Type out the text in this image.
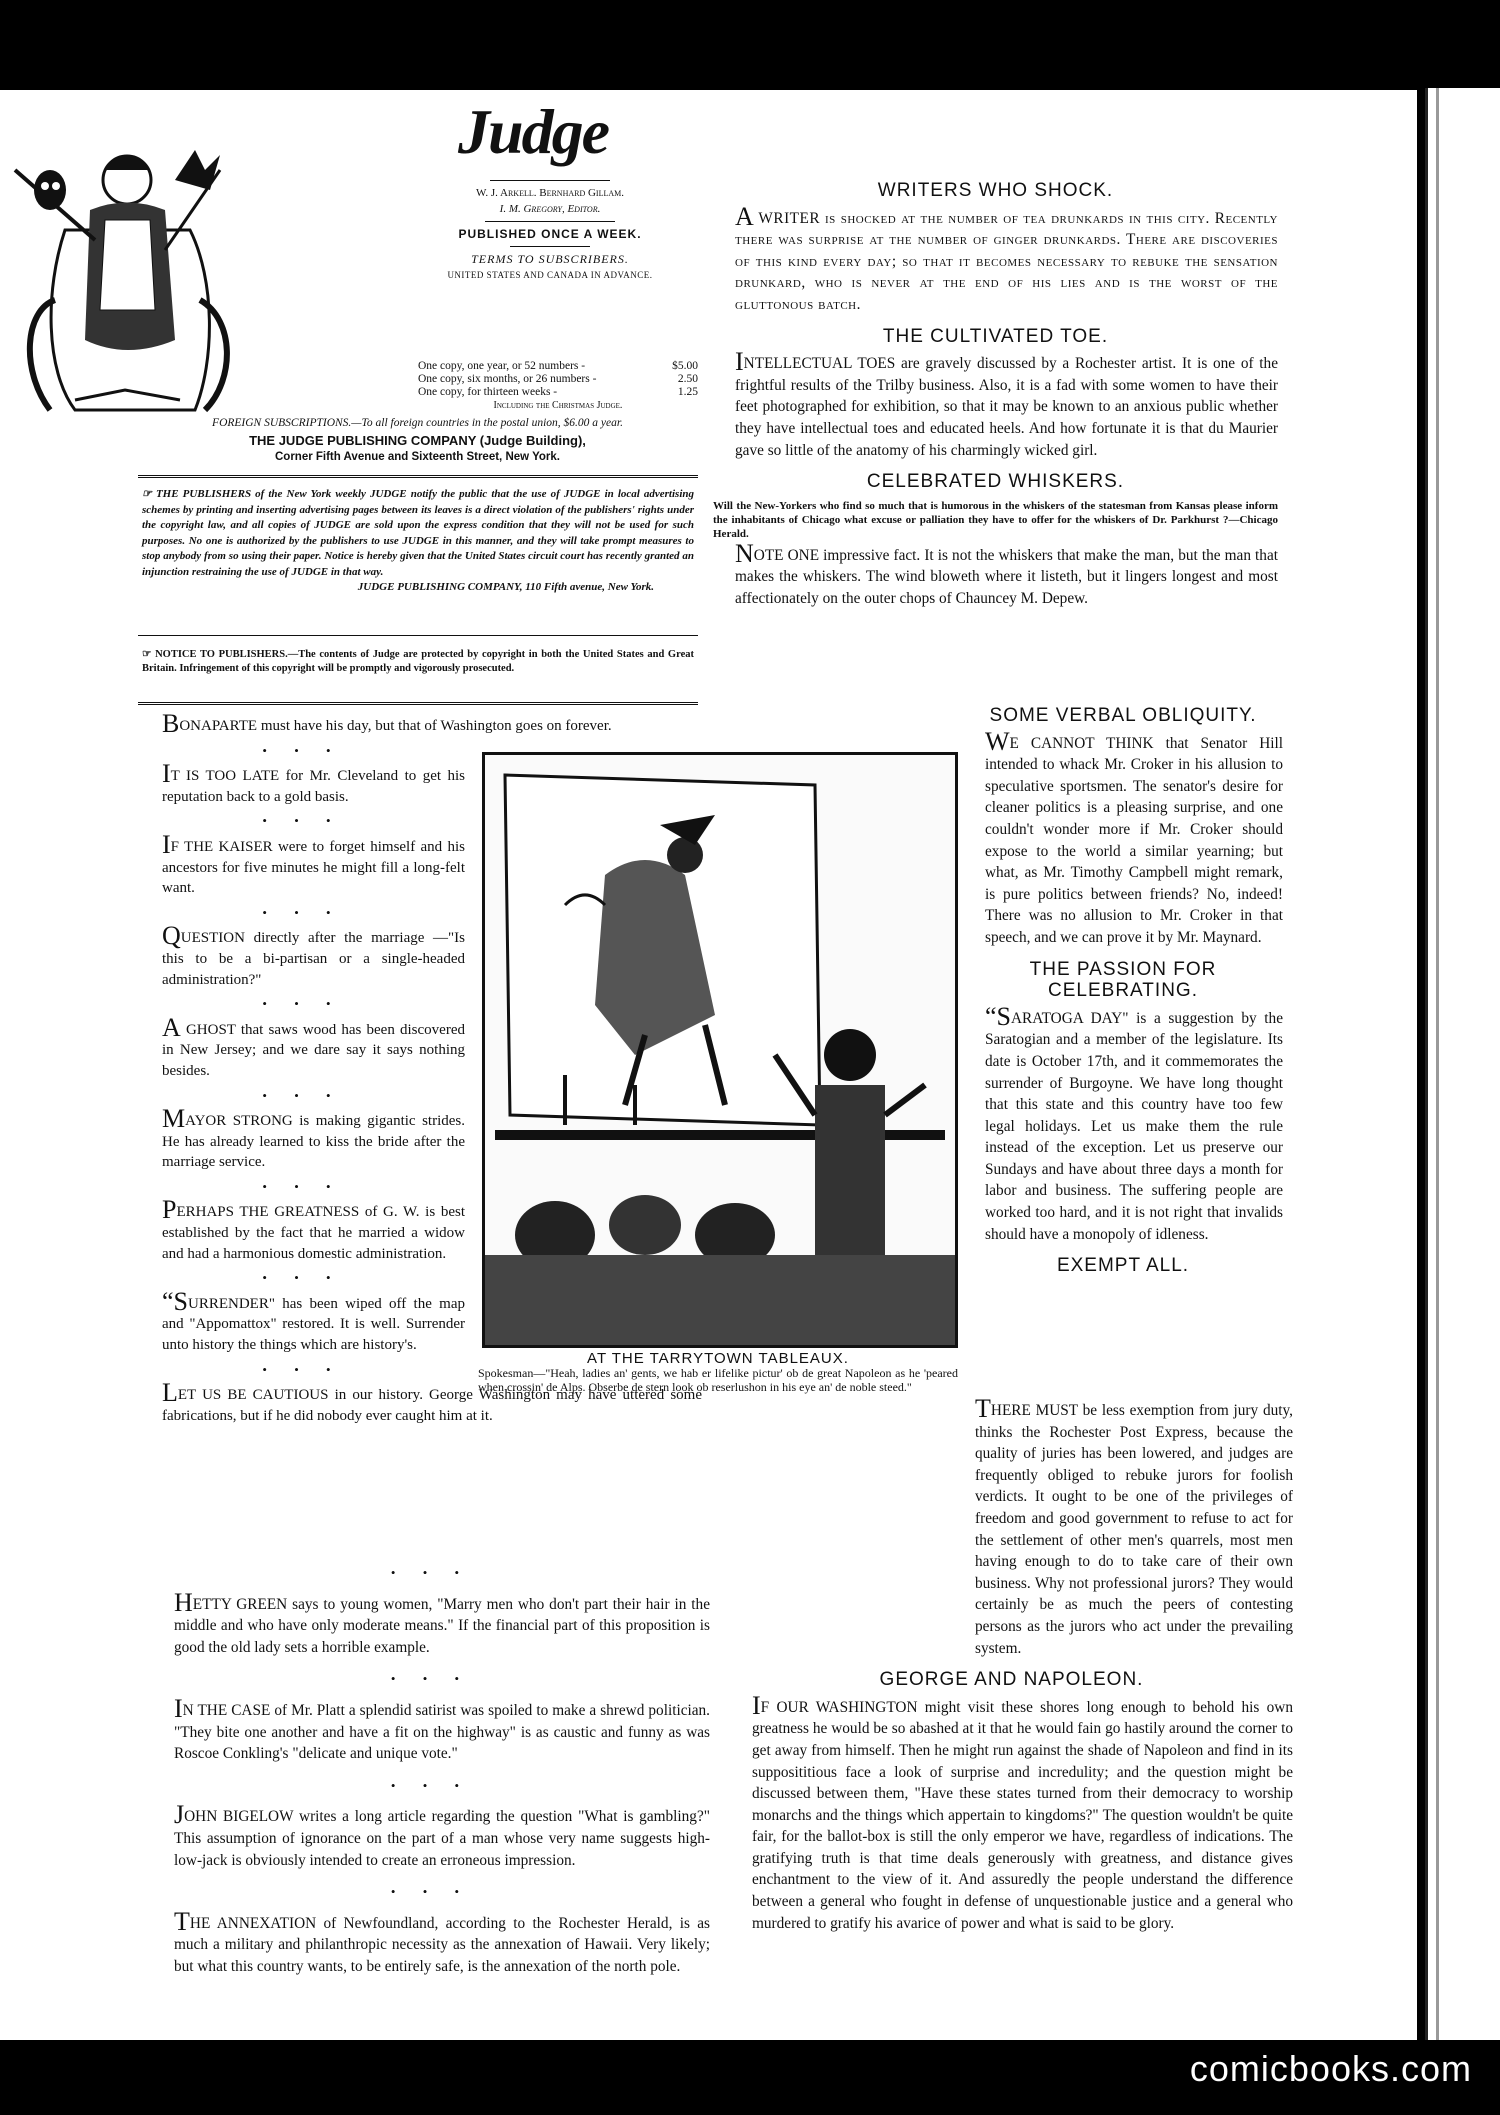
Judge
W. J. Arkell. Bernhard Gillam.
I. M. Gregory, Editor.
PUBLISHED ONCE A WEEK.
TERMS TO SUBSCRIBERS.
UNITED STATES AND CANADA IN ADVANCE.
One copy, one year, or 52 numbers -	$5.00
One copy, six months, or 26 numbers -	2.50
One copy, for thirteen weeks -	1.25
Including the Christmas Judge.
FOREIGN SUBSCRIPTIONS.—To all foreign countries in the postal union, $6.00 a year.
THE JUDGE PUBLISHING COMPANY (Judge Building),
Corner Fifth Avenue and Sixteenth Street, New York.
☞ THE PUBLISHERS of the New York weekly JUDGE notify the public that the use of JUDGE in local advertising schemes by printing and inserting advertising pages between its leaves is a direct violation of the publishers' rights under the copyright law, and all copies of JUDGE are sold upon the express condition that they will not be used for such purposes. No one is authorized by the publishers to use JUDGE in this manner, and they will take prompt measures to stop anybody from so using their paper. Notice is hereby given that the United States circuit court has recently granted an injunction restraining the use of JUDGE in that way.
JUDGE PUBLISHING COMPANY, 110 Fifth avenue, New York.
☞ NOTICE TO PUBLISHERS.—The contents of Judge are protected by copyright in both the United States and Great Britain. Infringement of this copyright will be promptly and vigorously prosecuted.
WRITERS WHO SHOCK.

A WRITER is shocked at the number of tea drunkards in this city. Recently there was surprise at the number of ginger drunkards. There are discoveries of this kind every day; so that it becomes necessary to rebuke the sensation drunkard, who is never at the end of his lies and is the worst of the gluttonous batch.

THE CULTIVATED TOE.

INTELLECTUAL TOES are gravely discussed by a Rochester artist. It is one of the frightful results of the Trilby business. Also, it is a fad with some women to have their feet photographed for exhibition, so that it may be known to an anxious public whether they have intellectual toes and educated heels. And how fortunate it is that du Maurier gave so little of the anatomy of his charmingly wicked girl.

CELEBRATED WHISKERS.

Will the New-Yorkers who find so much that is humorous in the whiskers of the statesman from Kansas please inform the inhabitants of Chicago what excuse or palliation they have to offer for the whiskers of Dr. Parkhurst ?—Chicago Herald.

NOTE ONE impressive fact. It is not the whiskers that make the man, but the man that makes the whiskers. The wind bloweth where it listeth, but it lingers longest and most affectionately on the outer chops of Chauncey M. Depew.

BONAPARTE must have his day, but that of Washington goes on forever.

• • •

IT IS TOO LATE for Mr. Cleveland to get his reputation back to a gold basis.

• • •

IF THE KAISER were to forget himself and his ancestors for five minutes he might fill a long-felt want.

• • •

QUESTION directly after the marriage —"Is this to be a bi-partisan or a single-headed administration?"

• • •

A GHOST that saws wood has been discovered in New Jersey; and we dare say it says nothing besides.

• • •

MAYOR STRONG is making gigantic strides. He has already learned to kiss the bride after the marriage service.

• • •

PERHAPS THE GREATNESS of G. W. is best established by the fact that he married a widow and had a harmonious domestic administration.

• • •

“SURRENDER" has been wiped off the map and "Appomattox" restored. It is well. Surrender unto history the things which are history's.

• • •

LET US BE CAUTIOUS in our history. George Washington may have uttered some fabrications, but if he did nobody ever caught him at it.

• • •

HETTY GREEN says to young women, "Marry men who don't part their hair in the middle and who have only moderate means." If the financial part of this proposition is good the old lady sets a horrible example.

• • •

IN THE CASE of Mr. Platt a splendid satirist was spoiled to make a shrewd politician. "They bite one another and have a fit on the highway" is as caustic and funny as was Roscoe Conkling's "delicate and unique vote."

• • •

JOHN BIGELOW writes a long article regarding the question "What is gambling?" This assumption of ignorance on the part of a man whose very name suggests high-low-jack is obviously intended to create an erroneous impression.

• • •

THE ANNEXATION of Newfoundland, according to the Rochester Herald, is as much a military and philanthropic necessity as the annexation of Hawaii. Very likely; but what this country wants, to be entirely safe, is the annexation of the north pole.

AT THE TARRYTOWN TABLEAUX.
Spokesman—"Heah, ladies an' gents, we hab er lifelike pictur' ob de great Napoleon as he 'peared when crossin' de Alps. Obserbe de stern look ob reserlushon in his eye an' de noble steed."
SOME VERBAL OBLIQUITY.

WE CANNOT THINK that Senator Hill intended to whack Mr. Croker in his allusion to speculative sportsmen. The senator's desire for cleaner politics is a pleasing surprise, and one couldn't wonder more if Mr. Croker should expose to the world a similar yearning; but what, as Mr. Timothy Campbell might remark, is pure politics between friends? No, indeed! There was no allusion to Mr. Croker in that speech, and we can prove it by Mr. Maynard.

THE PASSION FOR CELEBRATING.

“SARATOGA DAY" is a suggestion by the Saratogian and a member of the legislature. Its date is October 17th, and it commemorates the surrender of Burgoyne. We have long thought that this state and this country have too few legal holidays. Let us make them the rule instead of the exception. Let us preserve our Sundays and have about three days a month for labor and business. The suffering people are worked too hard, and it is not right that invalids should have a monopoly of idleness.

EXEMPT ALL.

THERE MUST be less exemption from jury duty, thinks the Rochester Post Express, because the quality of juries has been lowered, and judges are frequently obliged to rebuke jurors for foolish verdicts. It ought to be one of the privileges of freedom and good government to refuse to act for the settlement of other men's quarrels, most men having enough to do to take care of their own business. Why not professional jurors? They would certainly be as much the peers of contesting persons as the jurors who act under the prevailing system.

GEORGE AND NAPOLEON.

IF OUR WASHINGTON might visit these shores long enough to behold his own greatness he would be so abashed at it that he would fain go hastily around the corner to get away from himself. Then he might run against the shade of Napoleon and find in its supposititious face a look of surprise and incredulity; and the question might be discussed between them, "Have these states turned from their democracy to worship monarchs and the things which appertain to kingdoms?" The question wouldn't be quite fair, for the ballot-box is still the only emperor we have, regardless of indications. The gratifying truth is that time deals generously with greatness, and distance gives enchantment to the view of it. And assuredly the people understand the difference between a general who fought in defense of unquestionable justice and a general who murdered to gratify his avarice of power and what is said to be glory.

comicbooks.com
